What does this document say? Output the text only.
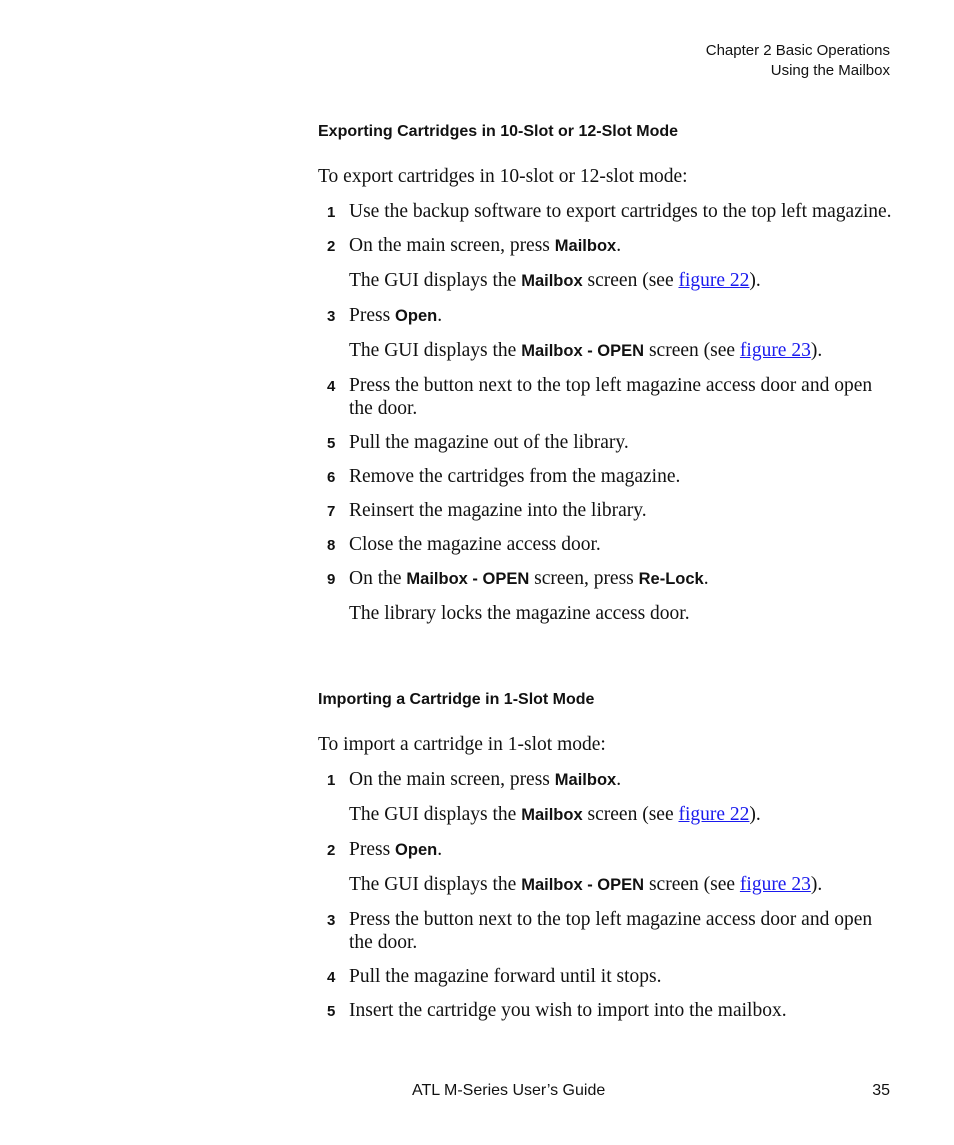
Chapter 2 Basic Operations
Using the Mailbox
Exporting Cartridges in 10-Slot or 12-Slot Mode

To export cartridges in 10-slot or 12-slot mode:

1 Use the backup software to export cartridges to the top left magazine.

2 On the main screen, press Mailbox.

The GUI displays the Mailbox screen (see figure 22).

3 Press Open.

The GUI displays the Mailbox - OPEN screen (see figure 23).

4 Press the button next to the top left magazine access door and open the door.

5 Pull the magazine out of the library.

6 Remove the cartridges from the magazine.

7 Reinsert the magazine into the library.

8 Close the magazine access door.

9 On the Mailbox - OPEN screen, press Re-Lock.

The library locks the magazine access door.

Importing a Cartridge in 1-Slot Mode

To import a cartridge in 1-slot mode:

1 On the main screen, press Mailbox.

The GUI displays the Mailbox screen (see figure 22).

2 Press Open.

The GUI displays the Mailbox - OPEN screen (see figure 23).

3 Press the button next to the top left magazine access door and open the door.

4 Pull the magazine forward until it stops.

5 Insert the cartridge you wish to import into the mailbox.

ATL M-Series User’s Guide	35
